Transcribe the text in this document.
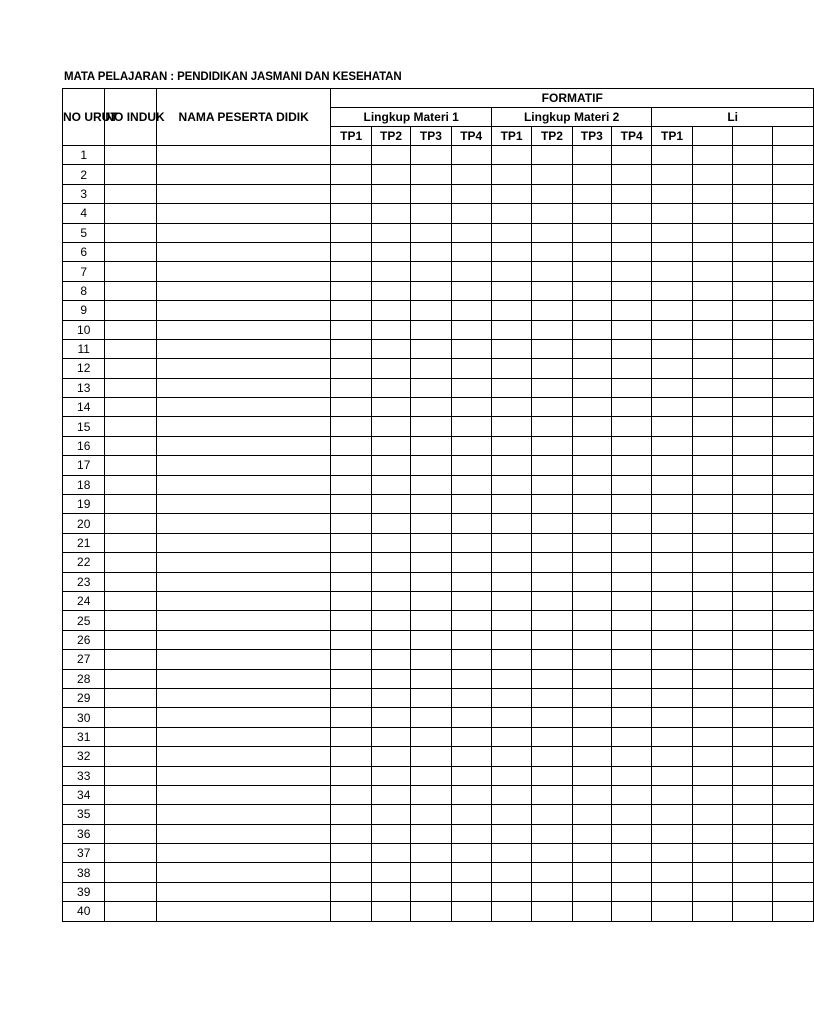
MATA PELAJARAN : PENDIDIKAN JASMANI DAN KESEHATAN
NO URUT	NO INDUK	NAMA PESERTA DIDIK	FORMATIF											
			Lingkup Materi 1				Lingkup Materi 2				Li			
			TP1	TP2	TP3	TP4	TP1	TP2	TP3	TP4	TP1			
1														
2														
3														
4														
5														
6														
7														
8														
9														
10														
11														
12														
13														
14														
15														
16														
17														
18														
19														
20														
21														
22														
23														
24														
25														
26														
27														
28														
29														
30														
31														
32														
33														
34														
35														
36														
37														
38														
39														
40														
